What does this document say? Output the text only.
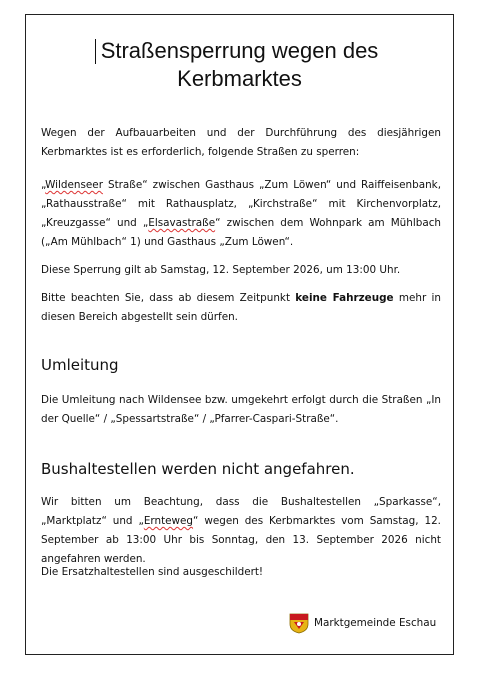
Straßensperrung wegen des
Kerbmarktes
Wegen der Aufbauarbeiten und der Durchführung des diesjährigen Kerbmarktes ist es erforderlich, folgende Straßen zu sperren:
„Wildenseer Straße“ zwischen Gasthaus „Zum Löwen“ und Raiffeisenbank, „Rathausstraße“ mit Rathausplatz, „Kirchstraße“ mit Kirchenvorplatz, „Kreuzgasse“ und „Elsavastraße“ zwischen dem Wohnpark am Mühlbach („Am Mühlbach“ 1) und Gasthaus „Zum Löwen“.
Diese Sperrung gilt ab Samstag, 12. September 2026, um 13:00 Uhr.
Bitte beachten Sie, dass ab diesem Zeitpunkt keine Fahrzeuge mehr in diesen Bereich abgestellt sein dürfen.
Umleitung
Die Umleitung nach Wildensee bzw. umgekehrt erfolgt durch die Straßen „In der Quelle“ / „Spessartstraße“ / „Pfarrer-Caspari-Straße“.
Bushaltestellen werden nicht angefahren.
Wir bitten um Beachtung, dass die Bushaltestellen „Sparkasse“, „Marktplatz“ und „Ernteweg“ wegen des Kerbmarktes vom Samstag, 12. September ab 13:00 Uhr bis Sonntag, den 13. September 2026 nicht angefahren werden.
Die Ersatzhaltestellen sind ausgeschildert!
Marktgemeinde Eschau
